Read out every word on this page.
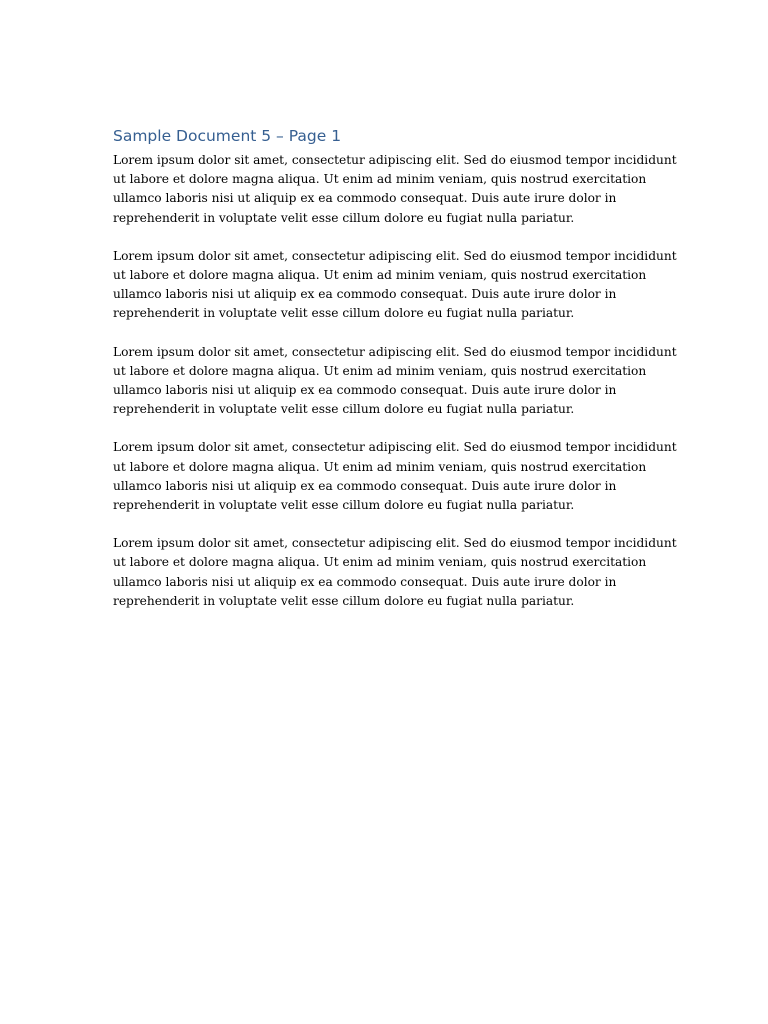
Sample Document 5 – Page 1

Lorem ipsum dolor sit amet, consectetur adipiscing elit. Sed do eiusmod tempor incididunt
ut labore et dolore magna aliqua. Ut enim ad minim veniam, quis nostrud exercitation
ullamco laboris nisi ut aliquip ex ea commodo consequat. Duis aute irure dolor in
reprehenderit in voluptate velit esse cillum dolore eu fugiat nulla pariatur.

Lorem ipsum dolor sit amet, consectetur adipiscing elit. Sed do eiusmod tempor incididunt
ut labore et dolore magna aliqua. Ut enim ad minim veniam, quis nostrud exercitation
ullamco laboris nisi ut aliquip ex ea commodo consequat. Duis aute irure dolor in
reprehenderit in voluptate velit esse cillum dolore eu fugiat nulla pariatur.

Lorem ipsum dolor sit amet, consectetur adipiscing elit. Sed do eiusmod tempor incididunt
ut labore et dolore magna aliqua. Ut enim ad minim veniam, quis nostrud exercitation
ullamco laboris nisi ut aliquip ex ea commodo consequat. Duis aute irure dolor in
reprehenderit in voluptate velit esse cillum dolore eu fugiat nulla pariatur.

Lorem ipsum dolor sit amet, consectetur adipiscing elit. Sed do eiusmod tempor incididunt
ut labore et dolore magna aliqua. Ut enim ad minim veniam, quis nostrud exercitation
ullamco laboris nisi ut aliquip ex ea commodo consequat. Duis aute irure dolor in
reprehenderit in voluptate velit esse cillum dolore eu fugiat nulla pariatur.

Lorem ipsum dolor sit amet, consectetur adipiscing elit. Sed do eiusmod tempor incididunt
ut labore et dolore magna aliqua. Ut enim ad minim veniam, quis nostrud exercitation
ullamco laboris nisi ut aliquip ex ea commodo consequat. Duis aute irure dolor in
reprehenderit in voluptate velit esse cillum dolore eu fugiat nulla pariatur.
